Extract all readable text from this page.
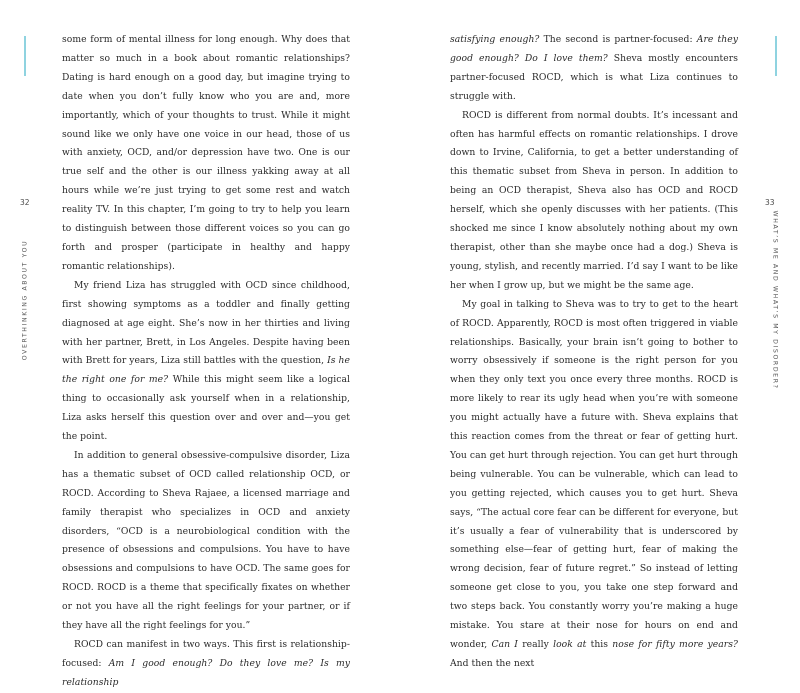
32
OVERTHINKING ABOUT YOU

some form of mental illness for long enough. Why does that matter so much in a book about romantic relationships? Dating is hard enough on a good day, but imagine trying to date when you don’t fully know who you are and, more importantly, which of your thoughts to trust. While it might sound like we only have one voice in our head, those of us with anxiety, OCD, and/or depression have two. One is our true self and the other is our illness yakking away at all hours while we’re just trying to get some rest and watch reality TV. In this chapter, I’m going to try to help you learn to distinguish between those different voices so you can go forth and prosper (participate in healthy and happy romantic relationships).

My friend Liza has struggled with OCD since childhood, first showing symptoms as a toddler and finally getting diagnosed at age eight. She’s now in her thirties and living with her partner, Brett, in Los Angeles. Despite having been with Brett for years, Liza still battles with the question, Is he the right one for me? While this might seem like a logical thing to occasionally ask yourself when in a relationship, Liza asks herself this question over and over and—you get the point.

In addition to general obsessive-compulsive disorder, Liza has a thematic subset of OCD called relationship OCD, or ROCD. According to Sheva Rajaee, a licensed marriage and family therapist who specializes in OCD and anxiety disorders, “OCD is a neurobiological condition with the presence of obsessions and compulsions. You have to have obsessions and compulsions to have OCD. The same goes for ROCD. ROCD is a theme that specifically fixates on whether or not you have all the right feelings for your partner, or if they have all the right feelings for you.”

ROCD can manifest in two ways. This first is relationship-focused: Am I good enough? Do they love me? Is my relationship

33
WHAT’S ME AND WHAT’S MY DISORDER?

satisfying enough? The second is partner-focused: Are they good enough? Do I love them? Sheva mostly encounters partner-focused ROCD, which is what Liza continues to struggle with.

ROCD is different from normal doubts. It’s incessant and often has harmful effects on romantic relationships. I drove down to Irvine, California, to get a better understanding of this thematic subset from Sheva in person. In addition to being an OCD therapist, Sheva also has OCD and ROCD herself, which she openly discusses with her patients. (This shocked me since I know absolutely nothing about my own therapist, other than she maybe once had a dog.) Sheva is young, stylish, and recently married. I’d say I want to be like her when I grow up, but we might be the same age.

My goal in talking to Sheva was to try to get to the heart of ROCD. Apparently, ROCD is most often triggered in viable relationships. Basically, your brain isn’t going to bother to worry obsessively if someone is the right person for you when they only text you once every three months. ROCD is more likely to rear its ugly head when you’re with someone you might actually have a future with. Sheva explains that this reaction comes from the threat or fear of getting hurt. You can get hurt through rejection. You can get hurt through being vulnerable. You can be vulnerable, which can lead to you getting rejected, which causes you to get hurt. Sheva says, “The actual core fear can be different for everyone, but it’s usually a fear of vulnerability that is underscored by something else—fear of getting hurt, fear of making the wrong decision, fear of future regret.” So instead of letting someone get close to you, you take one step forward and two steps back. You constantly worry you’re making a huge mistake. You stare at their nose for hours on end and wonder, Can I really look at this nose for fifty more years? And then the next
